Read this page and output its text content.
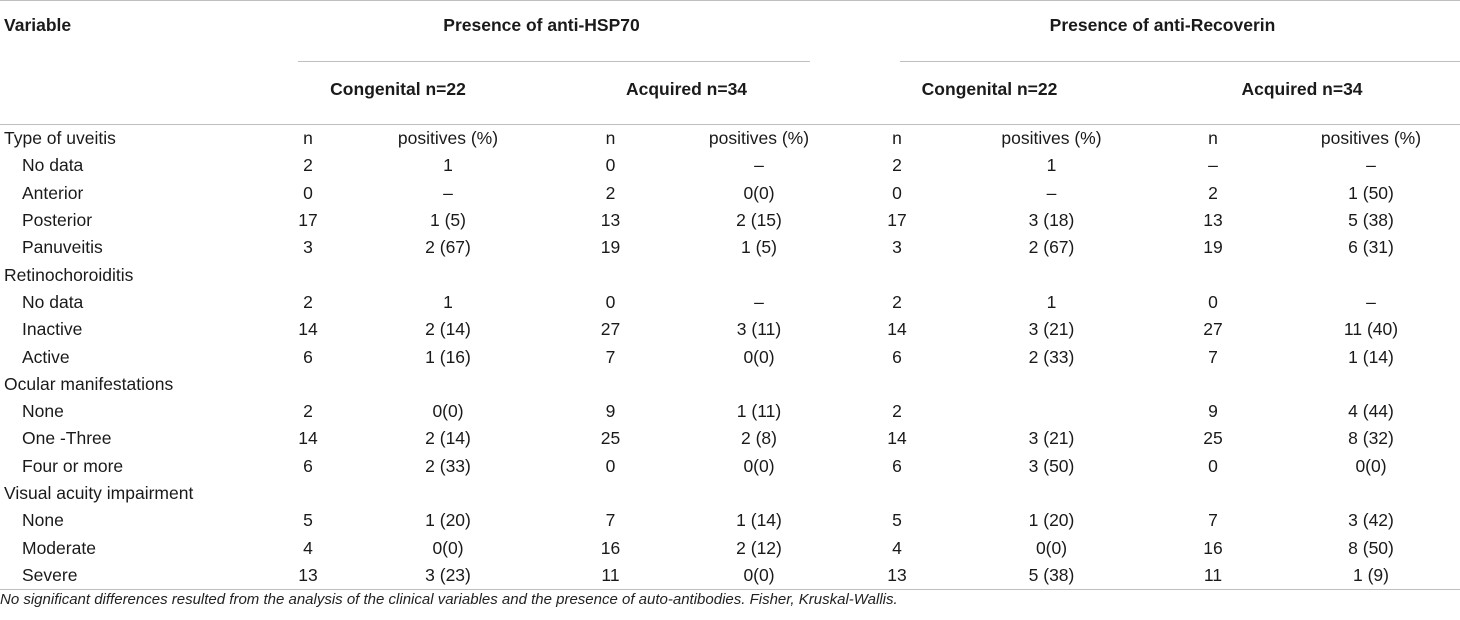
Variable	Presence of anti-HSP70				Presence of anti-Recoverin			

	Congenital n=22		Acquired n=34		Congenital n=22		Acquired n=34	

Type of uveitis	n	positives (%)	n	positives (%)	n	positives (%)	n	positives (%)
No data	2	1	0	–	2	1	–	–
Anterior	0	–	2	0(0)	0	–	2	1 (50)
Posterior	17	1 (5)	13	2 (15)	17	3 (18)	13	5 (38)
Panuveitis	3	2 (67)	19	1 (5)	3	2 (67)	19	6 (31)
Retinochoroiditis								
No data	2	1	0	–	2	1	0	–
Inactive	14	2 (14)	27	3 (11)	14	3 (21)	27	11 (40)
Active	6	1 (16)	7	0(0)	6	2 (33)	7	1 (14)
Ocular manifestations								
None	2	0(0)	9	1 (11)	2		9	4 (44)
One -Three	14	2 (14)	25	2 (8)	14	3 (21)	25	8 (32)
Four or more	6	2 (33)	0	0(0)	6	3 (50)	0	0(0)
Visual acuity impairment								
None	5	1 (20)	7	1 (14)	5	1 (20)	7	3 (42)
Moderate	4	0(0)	16	2 (12)	4	0(0)	16	8 (50)
Severe	13	3 (23)	11	0(0)	13	5 (38)	11	1 (9)

No significant differences resulted from the analysis of the clinical variables and the presence of auto-antibodies. Fisher, Kruskal-Wallis.
